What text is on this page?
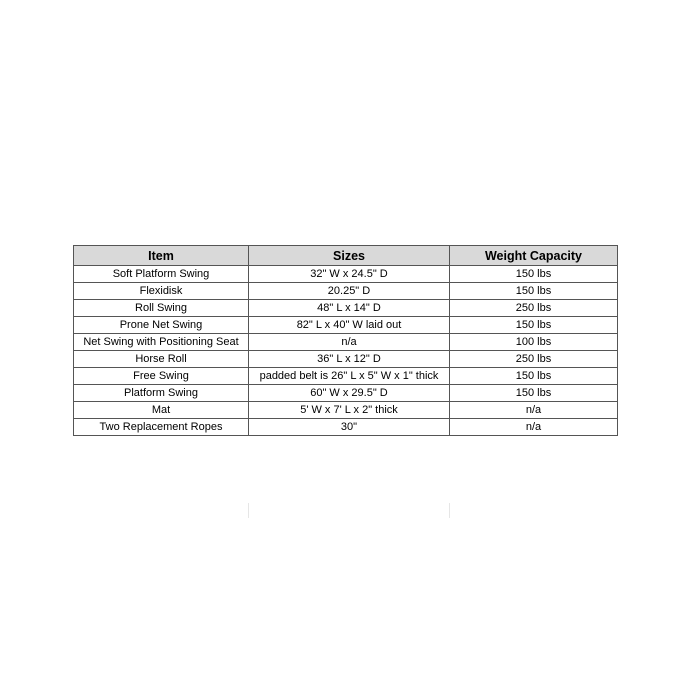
Item	Sizes	Weight Capacity
Soft Platform Swing	32" W x 24.5" D	150 lbs
Flexidisk	20.25" D	150 lbs
Roll Swing	48" L x 14" D	250 lbs
Prone Net Swing	82" L x 40" W laid out	150 lbs
Net Swing with Positioning Seat	n/a	100 lbs
Horse Roll	36" L x 12" D	250 lbs
Free Swing	padded belt is 26" L x 5" W x 1" thick	150 lbs
Platform Swing	60" W x 29.5" D	150 lbs
Mat	5' W x 7' L x 2" thick	n/a
Two Replacement Ropes	30"	n/a
